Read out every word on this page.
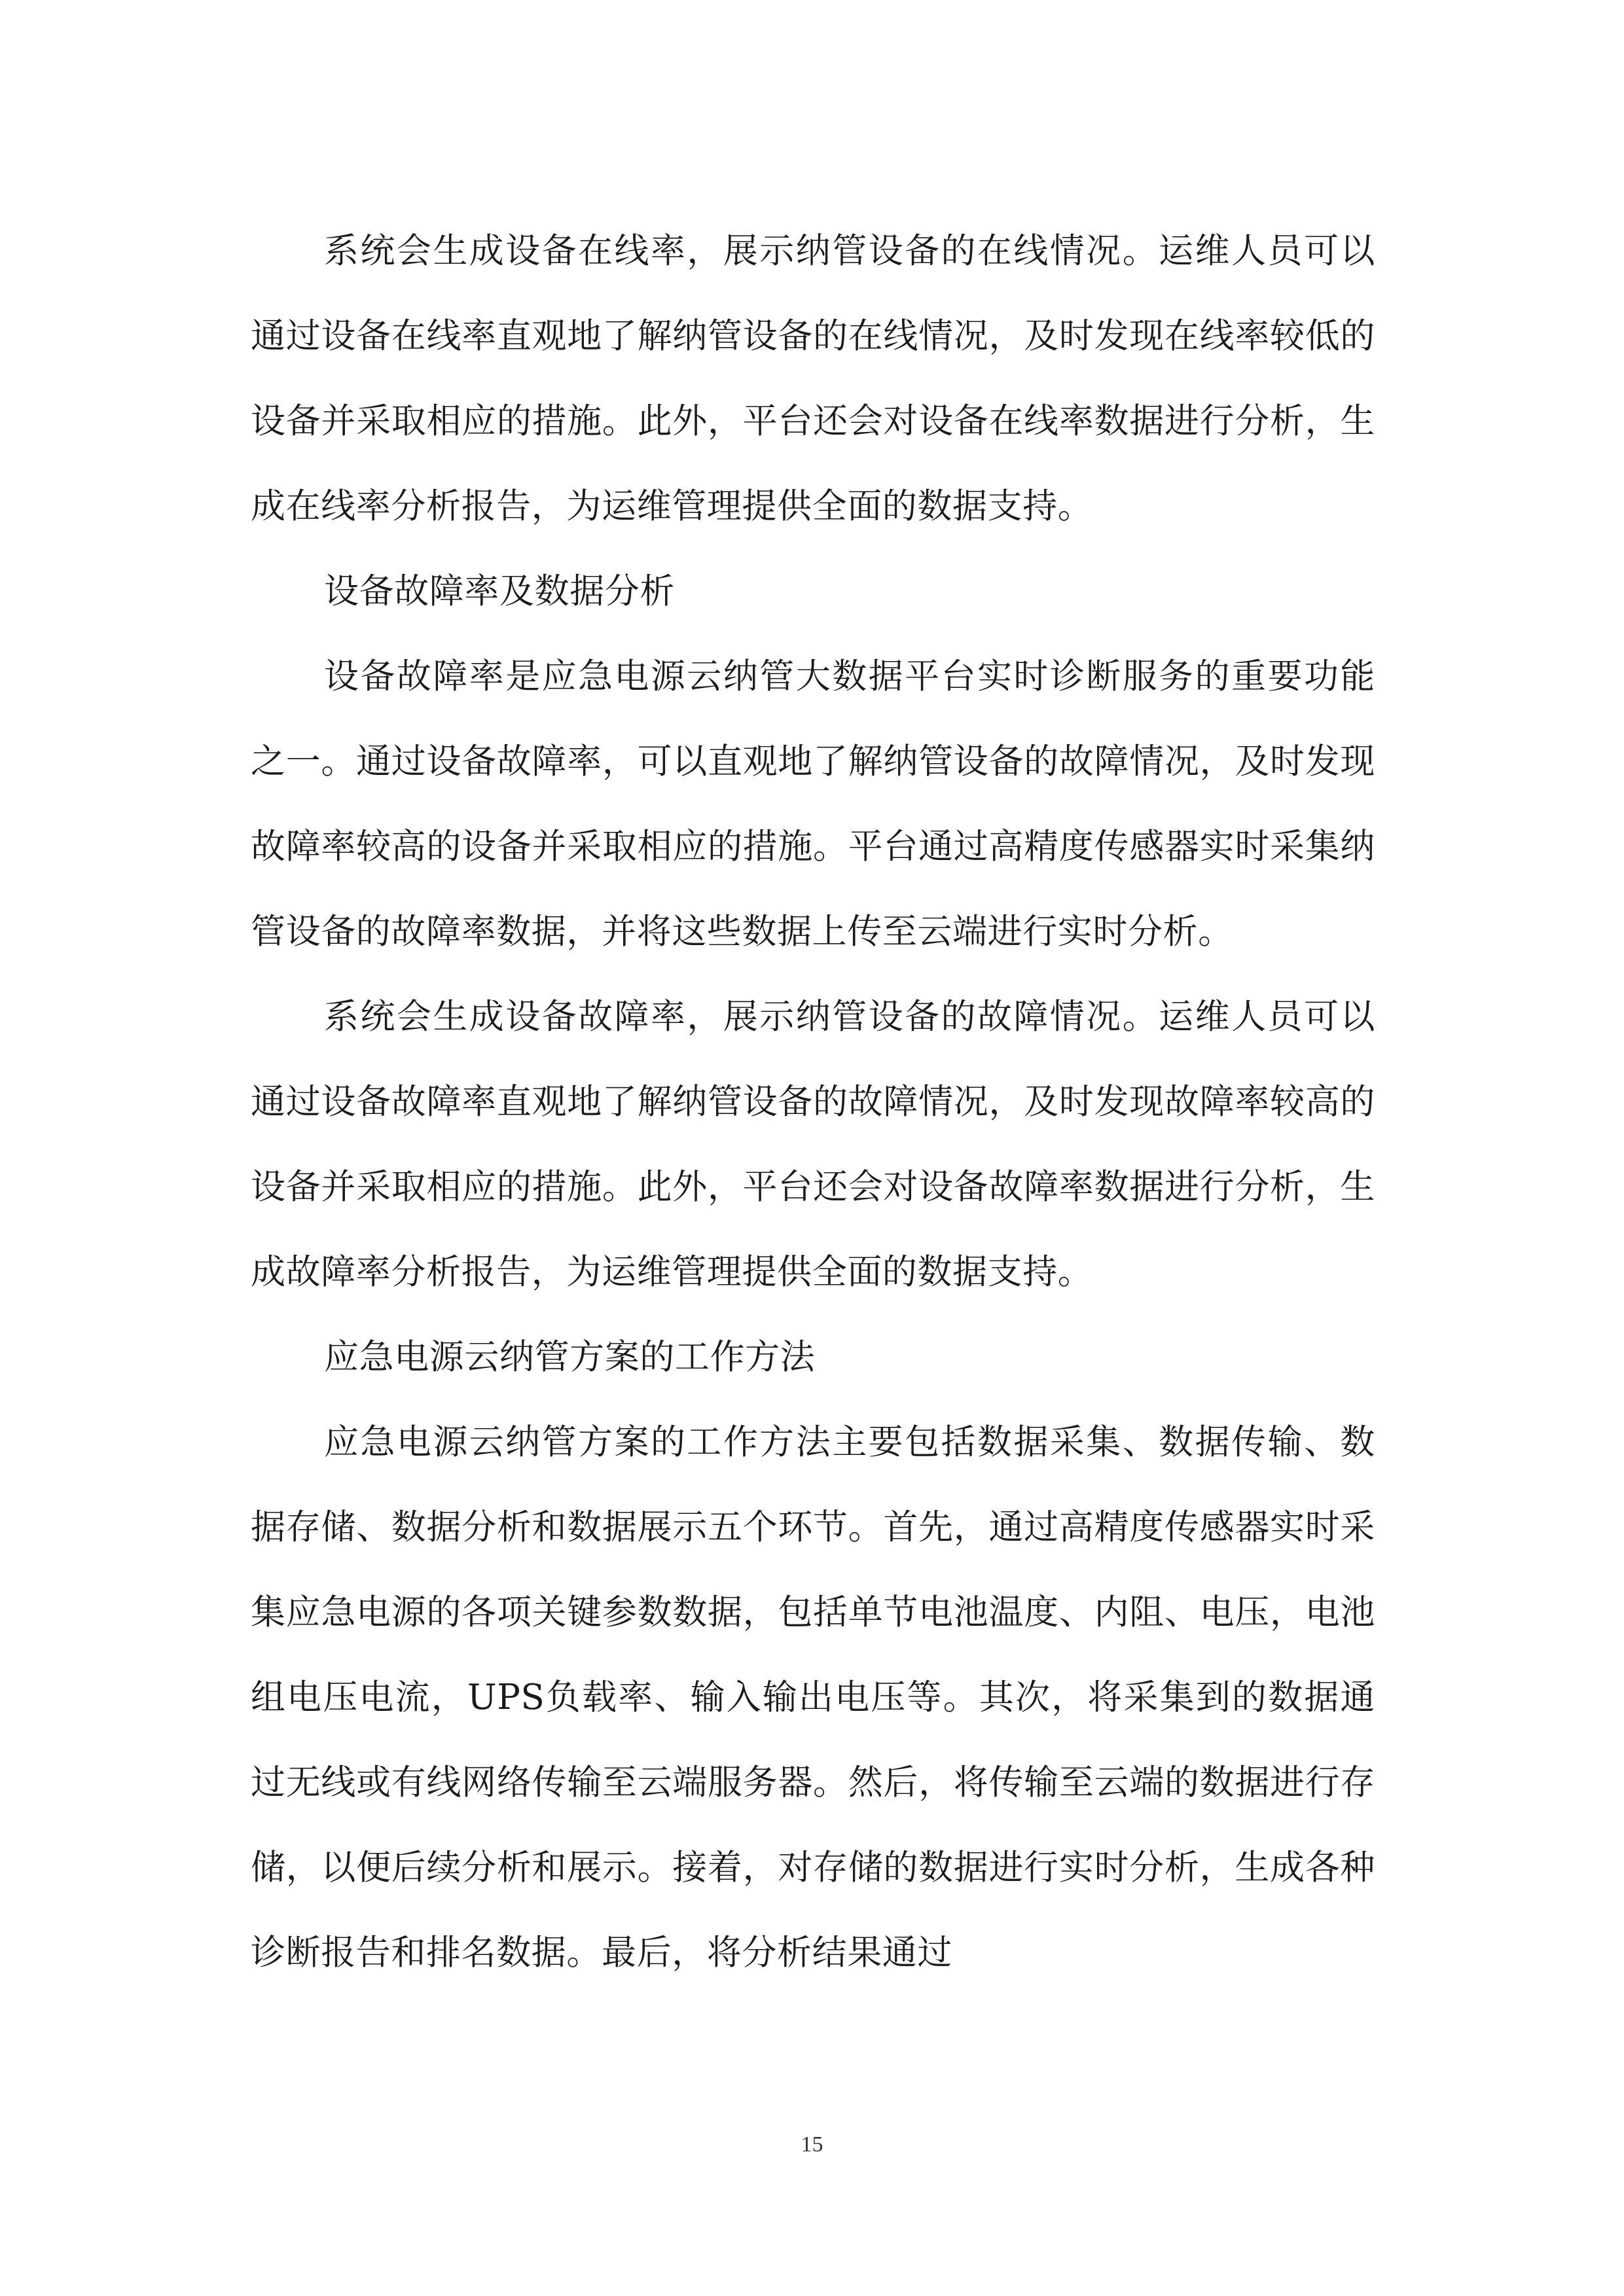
系统会生成设备在线率，展示纳管设备的在线情况。运维人员可以通过设备在线率直观地了解纳管设备的在线情况，及时发现在线率较低的设备并采取相应的措施。此外，平台还会对设备在线率数据进行分析，生成在线率分析报告，为运维管理提供全面的数据支持。

设备故障率及数据分析

设备故障率是应急电源云纳管大数据平台实时诊断服务的重要功能之一。通过设备故障率，可以直观地了解纳管设备的故障情况，及时发现故障率较高的设备并采取相应的措施。平台通过高精度传感器实时采集纳管设备的故障率数据，并将这些数据上传至云端进行实时分析。

系统会生成设备故障率，展示纳管设备的故障情况。运维人员可以通过设备故障率直观地了解纳管设备的故障情况，及时发现故障率较高的设备并采取相应的措施。此外，平台还会对设备故障率数据进行分析，生成故障率分析报告，为运维管理提供全面的数据支持。

应急电源云纳管方案的工作方法

应急电源云纳管方案的工作方法主要包括数据采集、数据传输、数据存储、数据分析和数据展示五个环节。首先，通过高精度传感器实时采集应急电源的各项关键参数数据，包括单节电池温度、内阻、电压，电池组电压电流，UPS负载率、输入输出电压等。其次，将采集到的数据通过无线或有线网络传输至云端服务器。然后，将传输至云端的数据进行存储，以便后续分析和展示。接着，对存储的数据进行实时分析，生成各种诊断报告和排名数据。最后，将分析结果通过

15
